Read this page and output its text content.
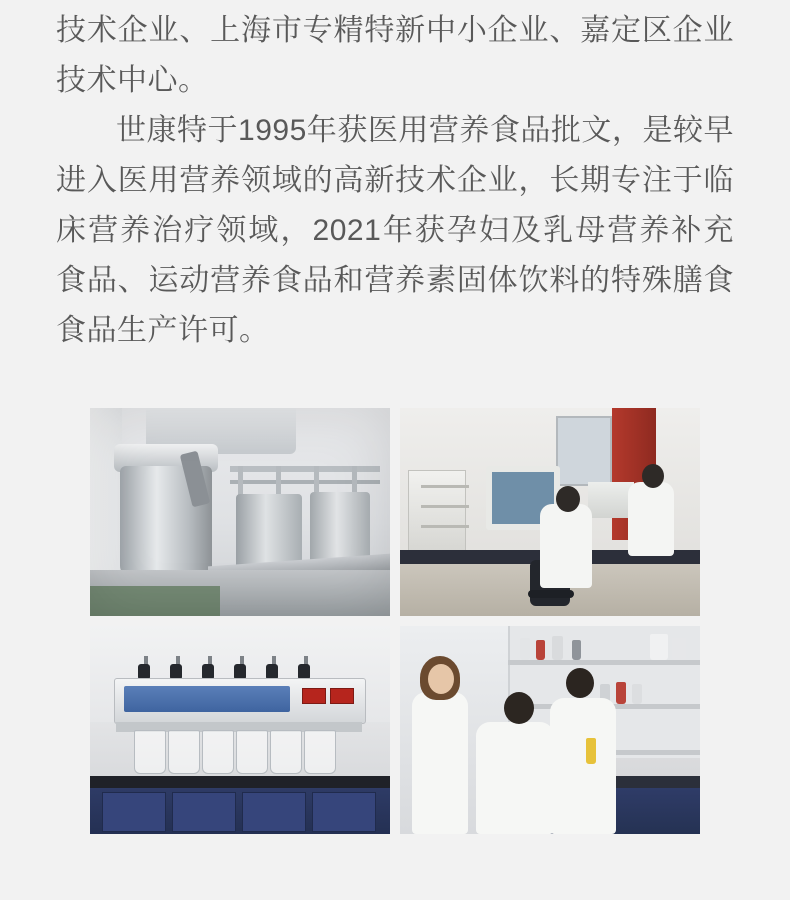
技术企业、上海市专精特新中小企业、嘉定区企业技术中心。

世康特于1995年获医用营养食品批文，是较早进入医用营养领域的高新技术企业，长期专注于临床营养治疗领域，2021年获孕妇及乳母营养补充食品、运动营养食品和营养素固体饮料的特殊膳食食品生产许可。
